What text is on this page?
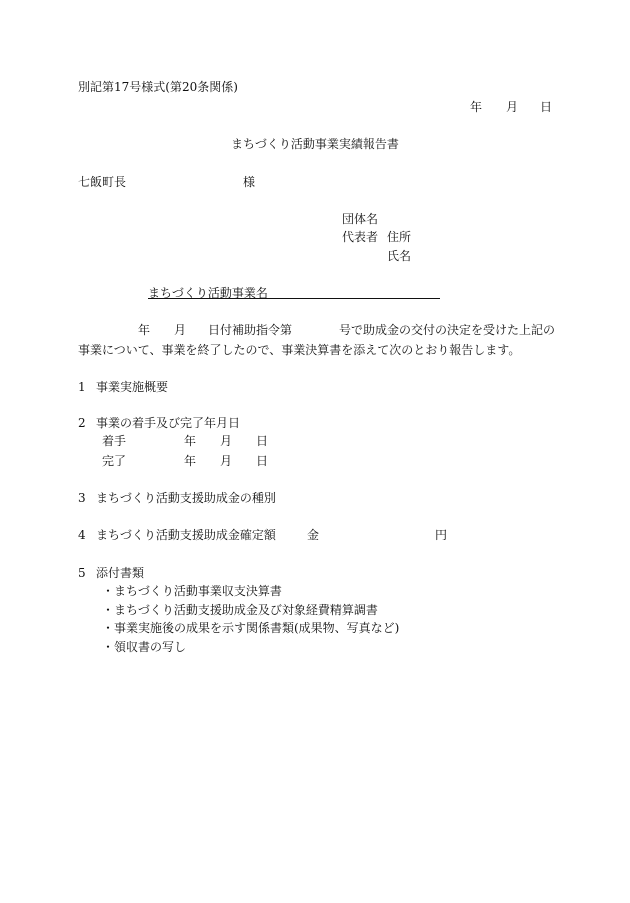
別記第17号様式(第20条関係)
年 月 日
まちづくり活動事業実績報告書
七飯町長	様
団体名
代表者 住所
氏名
まちづくり活動事業名
年 月 日付補助指令第	号で助成金の交付の決定を受けた上記の
事業について、事業を終了したので、事業決算書を添えて次のとおり報告します。
1 事業実施概要
2 事業の着手及び完了年月日
着手	年 月 日
完了	年 月 日
3 まちづくり活動支援助成金の種別
4 まちづくり活動支援助成金確定額	金	円
5 添付書類
・まちづくり活動事業収支決算書
・まちづくり活動支援助成金及び対象経費精算調書
・事業実施後の成果を示す関係書類(成果物、写真など)
・領収書の写し
